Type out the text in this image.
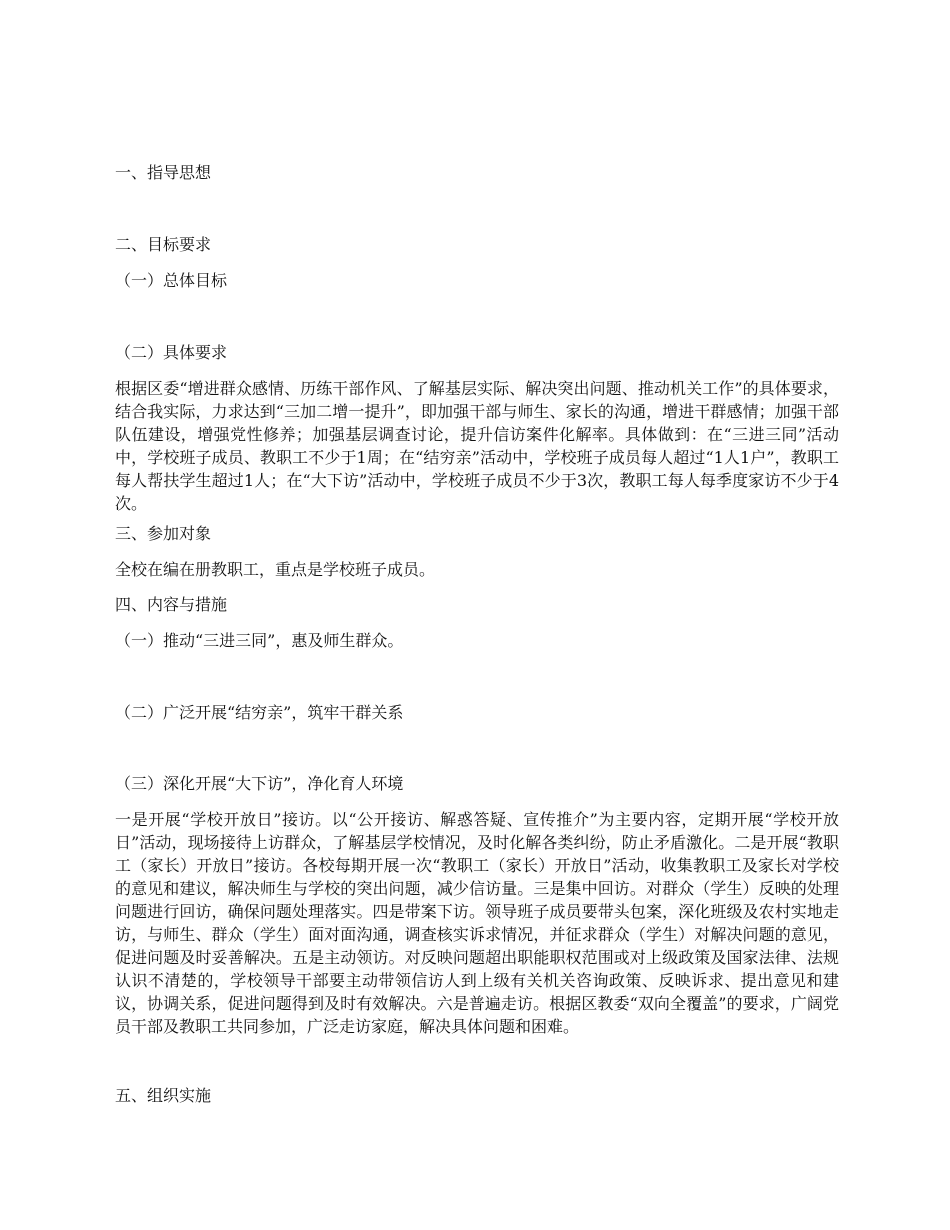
一、指导思想
二、目标要求
（一）总体目标
（二）具体要求
根据区委“增进群众感情、历练干部作风、了解基层实际、解决突出问题、推动机关工作”的具体要求，结合我实际，力求达到“三加二增一提升”，即加强干部与师生、家长的沟通，增进干群感情；加强干部队伍建设，增强党性修养；加强基层调查讨论，提升信访案件化解率。具体做到：在“三进三同”活动中，学校班子成员、教职工不少于1周；在“结穷亲”活动中，学校班子成员每人超过“1人1户”，教职工每人帮扶学生超过1人；在“大下访”活动中，学校班子成员不少于3次，教职工每人每季度家访不少于4次。
三、参加对象
全校在编在册教职工，重点是学校班子成员。
四、内容与措施
（一）推动“三进三同”，惠及师生群众。
（二）广泛开展“结穷亲”，筑牢干群关系
（三）深化开展“大下访”，净化育人环境
一是开展“学校开放日”接访。以“公开接访、解惑答疑、宣传推介”为主要内容，定期开展“学校开放日”活动，现场接待上访群众，了解基层学校情况，及时化解各类纠纷，防止矛盾激化。二是开展“教职工（家长）开放日”接访。各校每期开展一次“教职工（家长）开放日”活动，收集教职工及家长对学校的意见和建议，解决师生与学校的突出问题，减少信访量。三是集中回访。对群众（学生）反映的处理问题进行回访，确保问题处理落实。四是带案下访。领导班子成员要带头包案，深化班级及农村实地走访，与师生、群众（学生）面对面沟通，调查核实诉求情况，并征求群众（学生）对解决问题的意见，促进问题及时妥善解决。五是主动领访。对反映问题超出职能职权范围或对上级政策及国家法律、法规认识不清楚的，学校领导干部要主动带领信访人到上级有关机关咨询政策、反映诉求、提出意见和建议，协调关系，促进问题得到及时有效解决。六是普遍走访。根据区教委“双向全覆盖”的要求，广阔党员干部及教职工共同参加，广泛走访家庭，解决具体问题和困难。
五、组织实施
